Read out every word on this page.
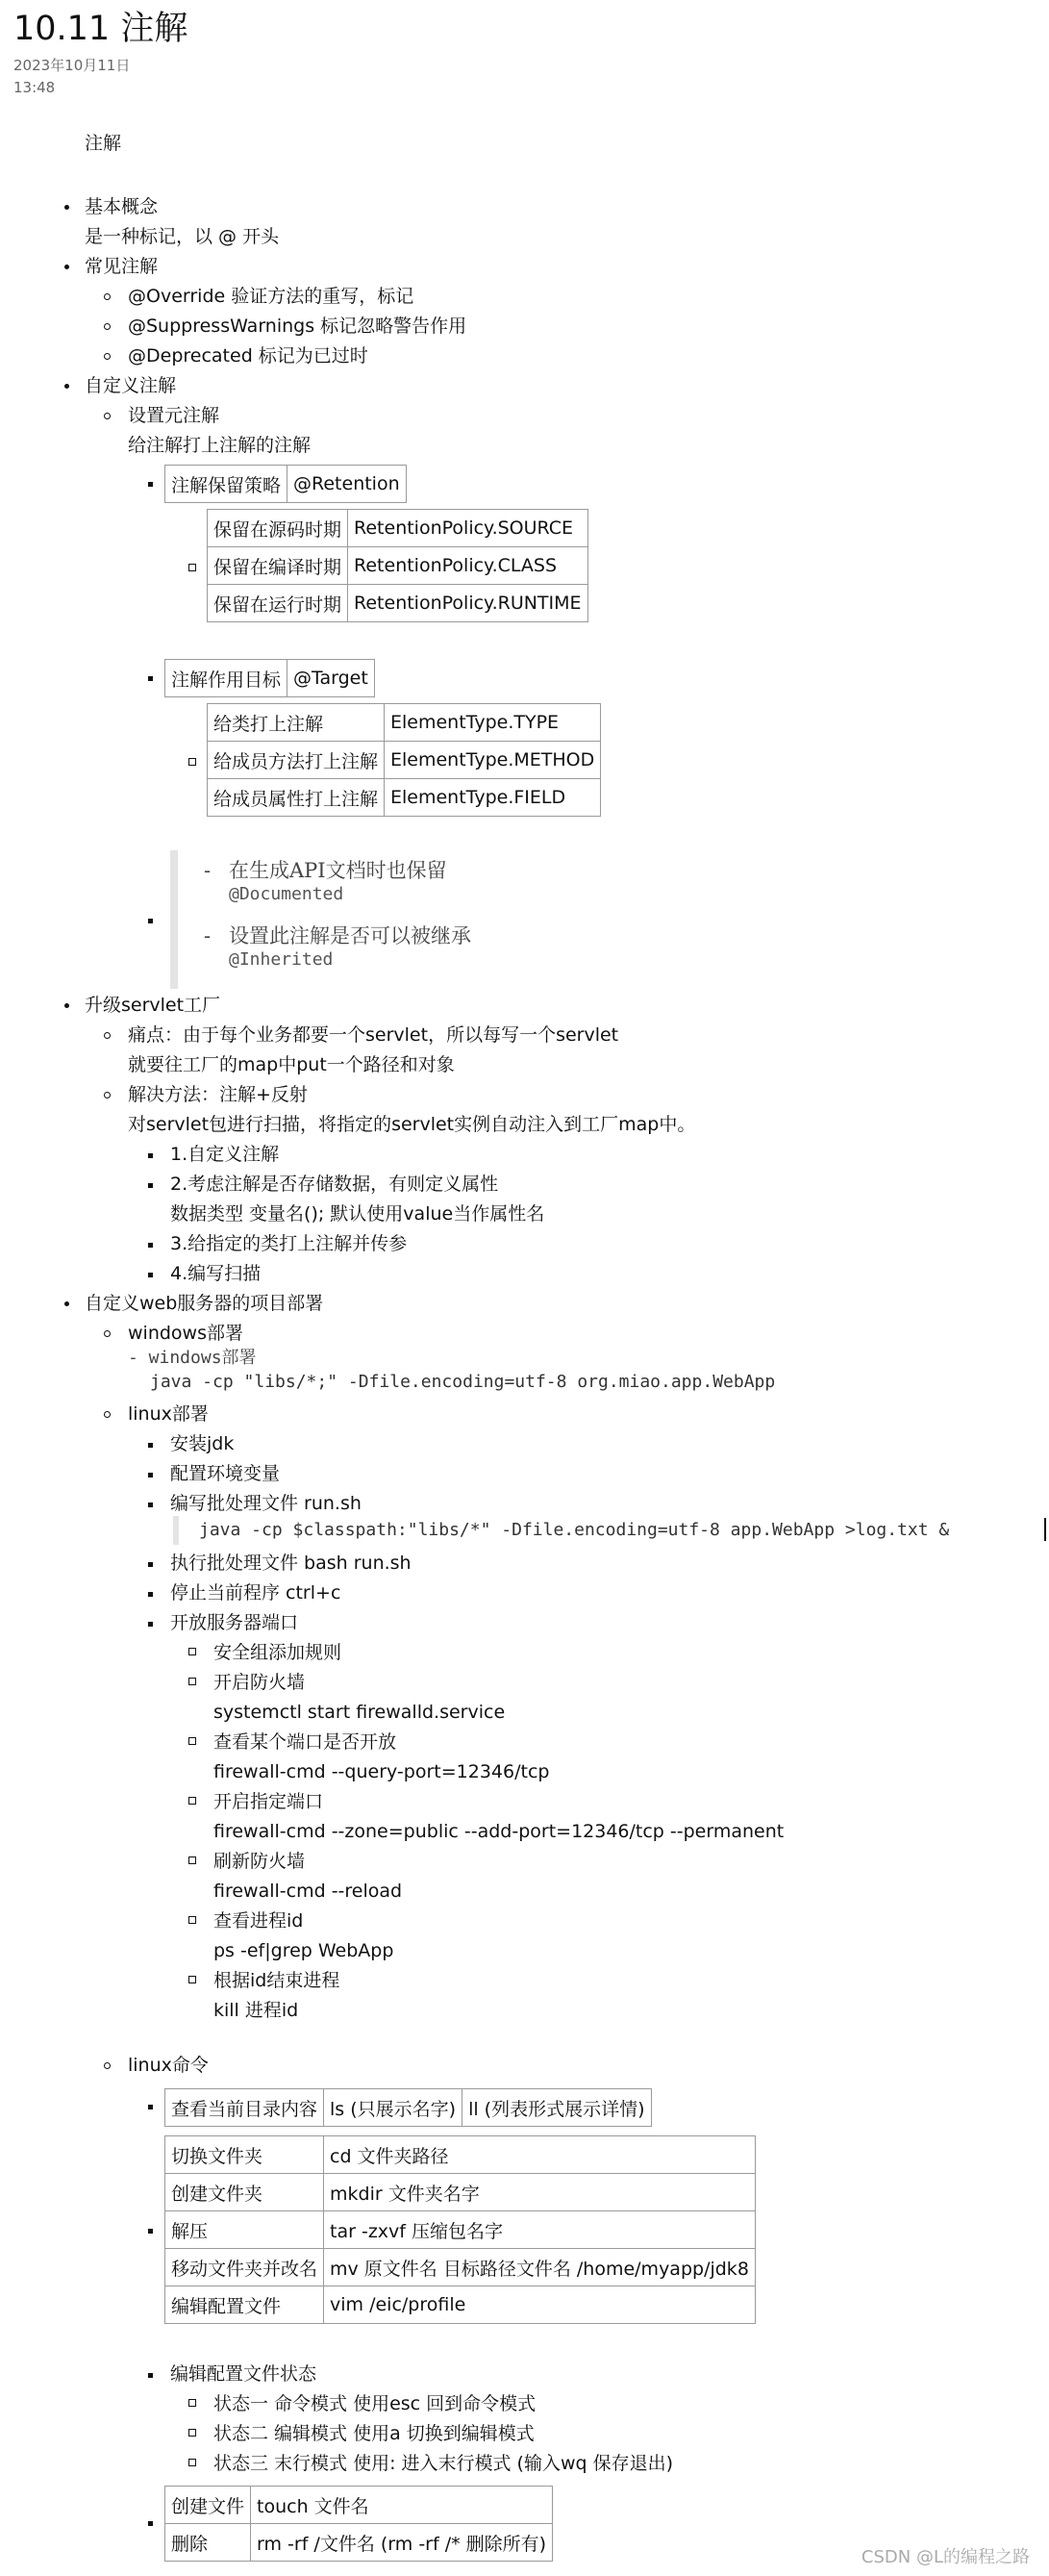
10.11 注解
2023年10月11日
13:48
注解
基本概念
是一种标记，以 @ 开头
常见注解
@Override 验证方法的重写，标记
@SuppressWarnings 标记忽略警告作用
@Deprecated 标记为已过时
自定义注解
设置元注解
给注解打上注解的注解
注解保留策略	@Retention
保留在源码时期	RetentionPolicy.SOURCE
保留在编译时期	RetentionPolicy.CLASS
保留在运行时期	RetentionPolicy.RUNTIME
注解作用目标	@Target
给类打上注解	ElementType.TYPE
给成员方法打上注解	ElementType.METHOD
给成员属性打上注解	ElementType.FIELD
- 在生成API文档时也保留
@Documented
- 设置此注解是否可以被继承
@Inherited
升级servlet工厂
痛点：由于每个业务都要一个servlet，所以每写一个servlet
就要往工厂的map中put一个路径和对象
解决方法：注解+反射
对servlet包进行扫描，将指定的servlet实例自动注入到工厂map中。
1.自定义注解
2.考虑注解是否存储数据，有则定义属性
数据类型 变量名(); 默认使用value当作属性名
3.给指定的类打上注解并传参
4.编写扫描
自定义web服务器的项目部署
windows部署
- windows部署
java -cp "libs/*;" -Dfile.encoding=utf-8 org.miao.app.WebApp
linux部署
安装jdk
配置环境变量
编写批处理文件 run.sh
java -cp $classpath:"libs/*" -Dfile.encoding=utf-8 app.WebApp >log.txt &
执行批处理文件 bash run.sh
停止当前程序 ctrl+c
开放服务器端口
安全组添加规则
开启防火墙
systemctl start firewalld.service
查看某个端口是否开放
firewall-cmd --query-port=12346/tcp
开启指定端口
firewall-cmd --zone=public --add-port=12346/tcp --permanent
刷新防火墙
firewall-cmd --reload
查看进程id
ps -ef|grep WebApp
根据id结束进程
kill 进程id
linux命令
查看当前目录内容	ls (只展示名字)	ll (列表形式展示详情)
切换文件夹	cd 文件夹路径
创建文件夹	mkdir 文件夹名字
解压	tar -zxvf 压缩包名字
移动文件夹并改名	mv 原文件名 目标路径文件名 /home/myapp/jdk8
编辑配置文件	vim /eic/profile
编辑配置文件状态
状态一 命令模式 使用esc 回到命令模式
状态二 编辑模式 使用a 切换到编辑模式
状态三 末行模式 使用: 进入末行模式 (输入wq 保存退出)
创建文件	touch 文件名
删除	rm -rf /文件名 (rm -rf /* 删除所有)
CSDN @L的编程之路
